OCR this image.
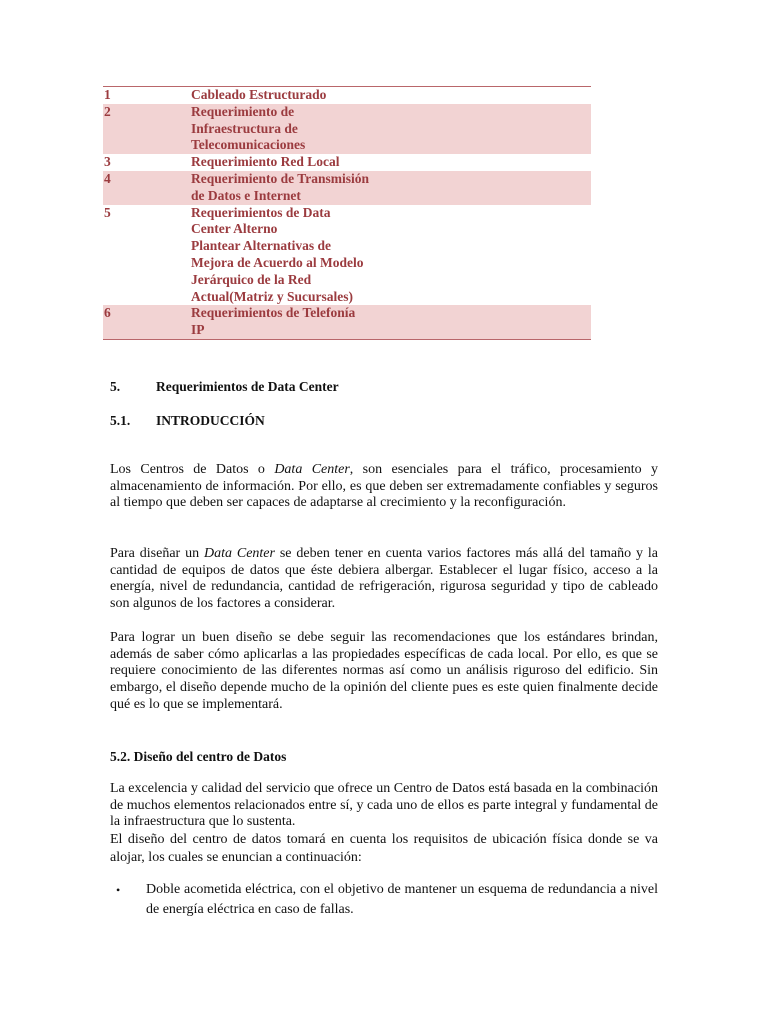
1	Cableado Estructurado
2	Requerimiento de
Infraestructura de
Telecomunicaciones
3	Requerimiento Red Local
4	Requerimiento de Transmisión
de Datos e Internet
5	Requerimientos de Data
Center Alterno
Plantear Alternativas de
Mejora de Acuerdo al Modelo
Jerárquico de la Red
Actual(Matriz y Sucursales)
6	Requerimientos de Telefonía
IP
5.	Requerimientos de Data Center
5.1.	INTRODUCCIÓN

Los Centros de Datos o Data Center, son esenciales para el tráfico, procesamiento y almacenamiento de información. Por ello, es que deben ser extremadamente confiables y seguros al tiempo que deben ser capaces de adaptarse al crecimiento y la reconfiguración.

Para diseñar un Data Center se deben tener en cuenta varios factores más allá del tamaño y la cantidad de equipos de datos que éste debiera albergar. Establecer el lugar físico, acceso a la energía, nivel de redundancia, cantidad de refrigeración, rigurosa seguridad y tipo de cableado son algunos de los factores a considerar.

Para lograr un buen diseño se debe seguir las recomendaciones que los estándares brindan, además de saber cómo aplicarlas a las propiedades específicas de cada local. Por ello, es que se requiere conocimiento de las diferentes normas así como un análisis riguroso del edificio. Sin embargo, el diseño depende mucho de la opinión del cliente pues es este quien finalmente decide qué es lo que se implementará.

5.2. Diseño del centro de Datos

La excelencia y calidad del servicio que ofrece un Centro de Datos está basada en la combinación de muchos elementos relacionados entre sí, y cada uno de ellos es parte integral y fundamental de la infraestructura que lo sustenta.

El diseño del centro de datos tomará en cuenta los requisitos de ubicación física donde se va alojar, los cuales se enuncian a continuación:

•	Doble acometida eléctrica, con el objetivo de mantener un esquema de redundancia a nivel de energía eléctrica en caso de fallas.
